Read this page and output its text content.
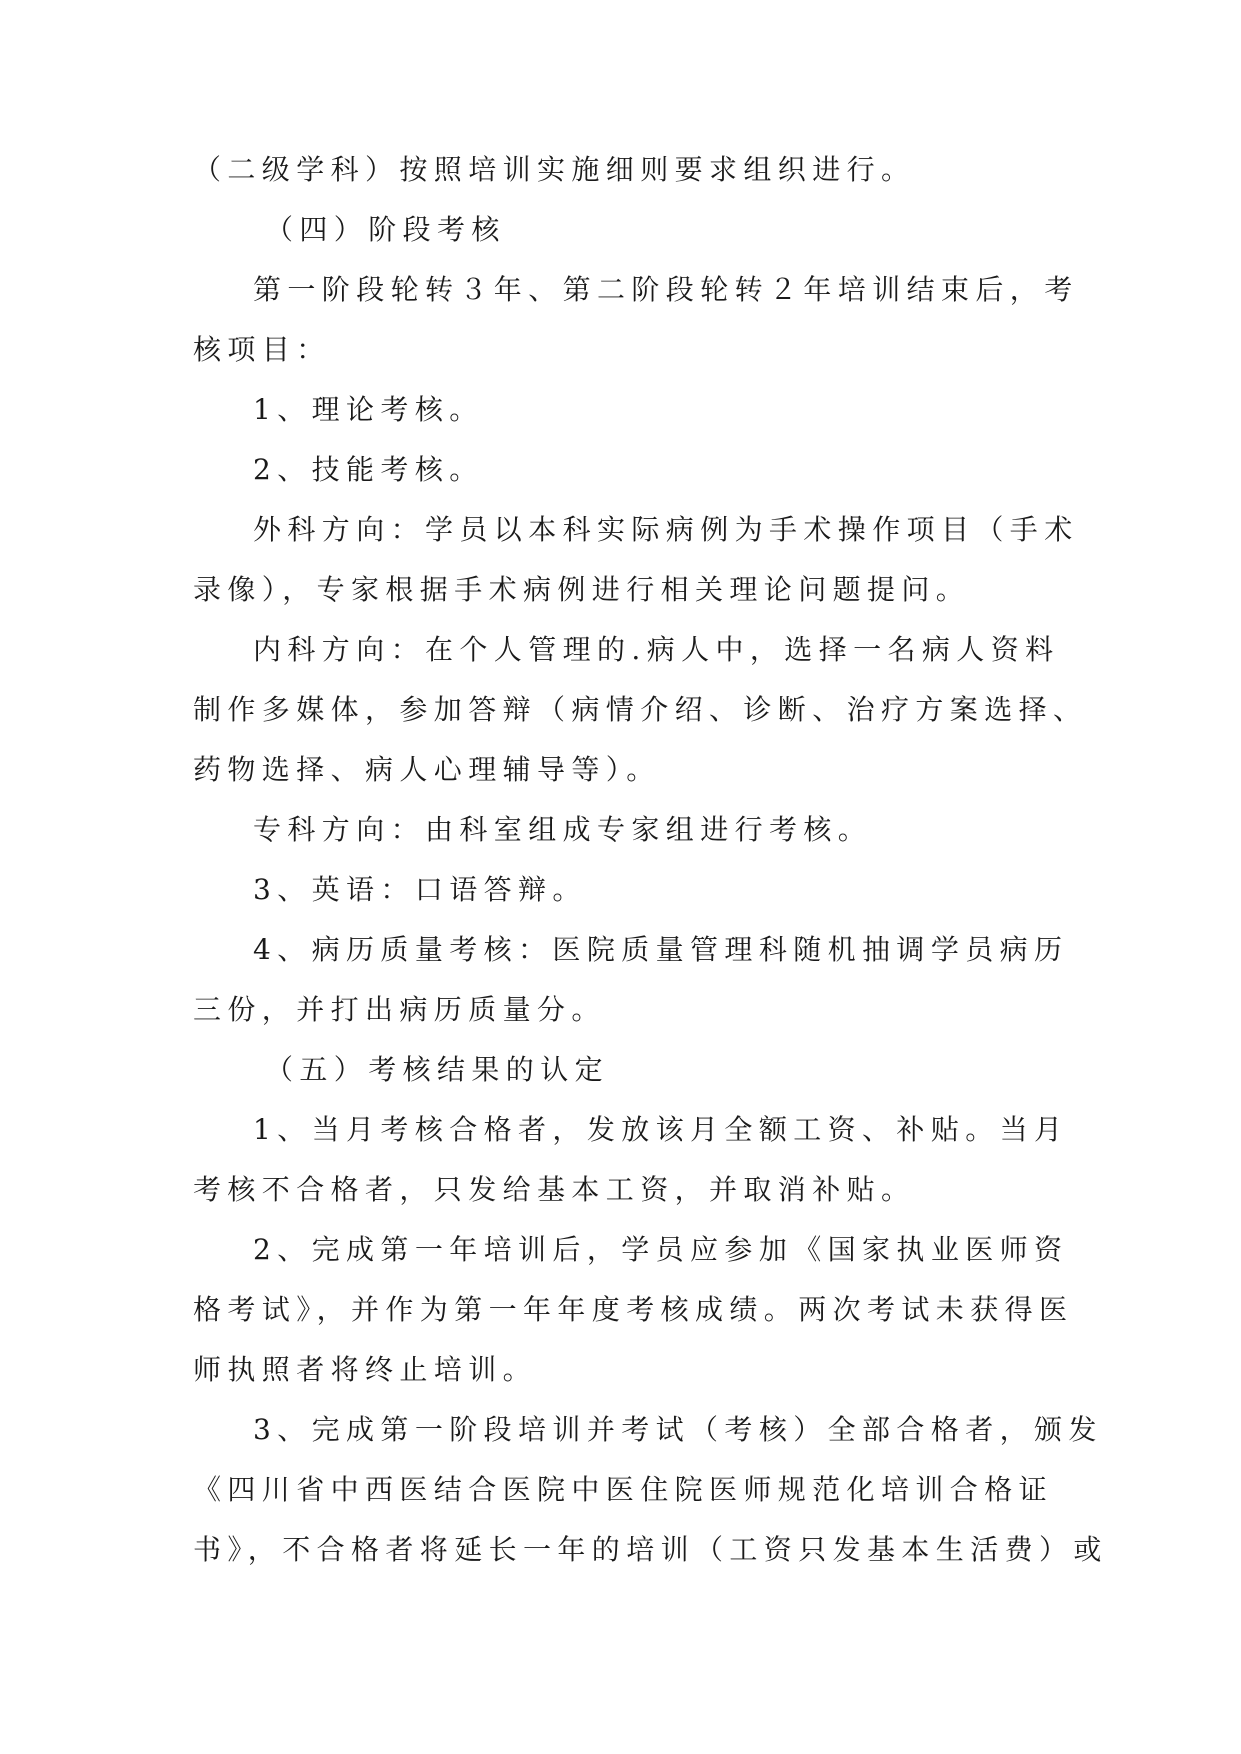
（二级学科）按照培训实施细则要求组织进行。
（四）阶段考核
第一阶段轮转３年、第二阶段轮转２年培训结束后，考
核项目：
1、理论考核。
2、技能考核。
外科方向：学员以本科实际病例为手术操作项目（手术
录像），专家根据手术病例进行相关理论问题提问。
内科方向：在个人管理的.病人中，选择一名病人资料
制作多媒体，参加答辩（病情介绍、诊断、治疗方案选择、
药物选择、病人心理辅导等）。
专科方向：由科室组成专家组进行考核。
3、英语：口语答辩。
4、病历质量考核：医院质量管理科随机抽调学员病历
三份，并打出病历质量分。
（五）考核结果的认定
1、当月考核合格者，发放该月全额工资、补贴。当月
考核不合格者，只发给基本工资，并取消补贴。
2、完成第一年培训后，学员应参加《国家执业医师资
格考试》，并作为第一年年度考核成绩。两次考试未获得医
师执照者将终止培训。
3、完成第一阶段培训并考试（考核）全部合格者，颁发
《四川省中西医结合医院中医住院医师规范化培训合格证
书》，不合格者将延长一年的培训（工资只发基本生活费）或
